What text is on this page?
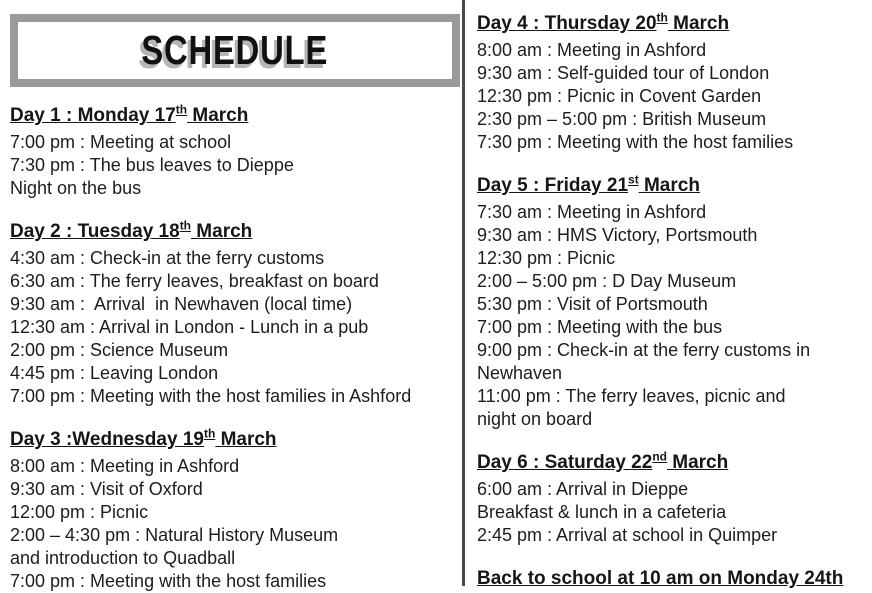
SCHEDULE
Day 1 : Monday 17th March
7:00 pm : Meeting at school
7:30 pm : The bus leaves to Dieppe
Night on the bus
Day 2 : Tuesday 18th March
4:30 am : Check-in at the ferry customs
6:30 am : The ferry leaves, breakfast on board
9:30 am :  Arrival  in Newhaven (local time)
12:30 am : Arrival in London - Lunch in a pub
2:00 pm : Science Museum
4:45 pm : Leaving London
7:00 pm : Meeting with the host families in Ashford
Day 3 :Wednesday 19th March
8:00 am : Meeting in Ashford
9:30 am : Visit of Oxford
12:00 pm : Picnic
2:00 – 4:30 pm : Natural History Museum
and introduction to Quadball
7:00 pm : Meeting with the host families
Day 4 : Thursday 20th March
8:00 am : Meeting in Ashford
9:30 am : Self-guided tour of London
12:30 pm : Picnic in Covent Garden
2:30 pm – 5:00 pm : British Museum
7:30 pm : Meeting with the host families
Day 5 : Friday 21st March
7:30 am : Meeting in Ashford
9:30 am : HMS Victory, Portsmouth
12:30 pm : Picnic
2:00 – 5:00 pm : D Day Museum
5:30 pm : Visit of Portsmouth
7:00 pm : Meeting with the bus
9:00 pm : Check-in at the ferry customs in
Newhaven
11:00 pm : The ferry leaves, picnic and
night on board
Day 6 : Saturday 22nd March
6:00 am : Arrival in Dieppe
Breakfast & lunch in a cafeteria
2:45 pm : Arrival at school in Quimper
Back to school at 10 am on Monday 24th
